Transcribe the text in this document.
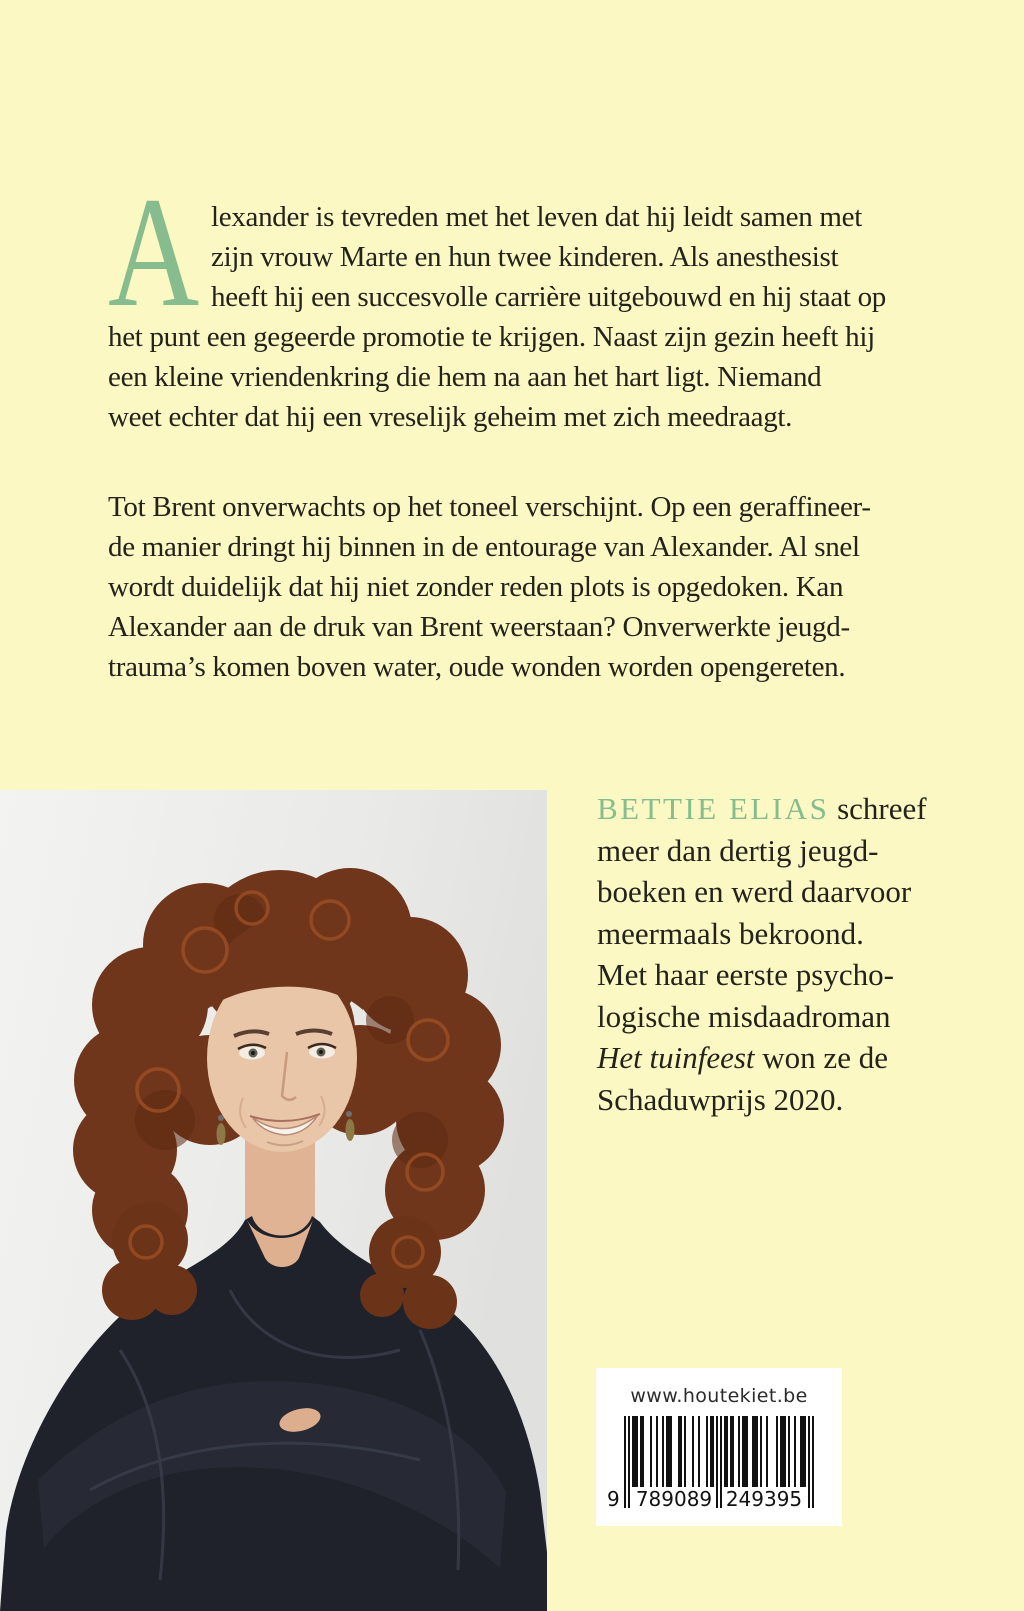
A lexander is tevreden met het leven dat hij leidt samen met
zijn vrouw Marte en hun twee kinderen. Als anesthesist
heeft hij een succesvolle carrière uitgebouwd en hij staat op
het punt een gegeerde promotie te krijgen. Naast zijn gezin heeft hij
een kleine vriendenkring die hem na aan het hart ligt. Niemand
weet echter dat hij een vreselijk geheim met zich meedraagt.
Tot Brent onverwachts op het toneel verschijnt. Op een geraffineer-
de manier dringt hij binnen in de entourage van Alexander. Al snel
wordt duidelijk dat hij niet zonder reden plots is opgedoken. Kan
Alexander aan de druk van Brent weerstaan? Onverwerkte jeugd-
trauma’s komen boven water, oude wonden worden opengereten.
BETTIE ELIAS schreef
meer dan dertig jeugd-
boeken en werd daarvoor
meermaals bekroond.
Met haar eerste psycho-
logische misdaadroman
Het tuinfeest won ze de
Schaduwprijs 2020.
www.houtekiet.be
9 789089 249395
